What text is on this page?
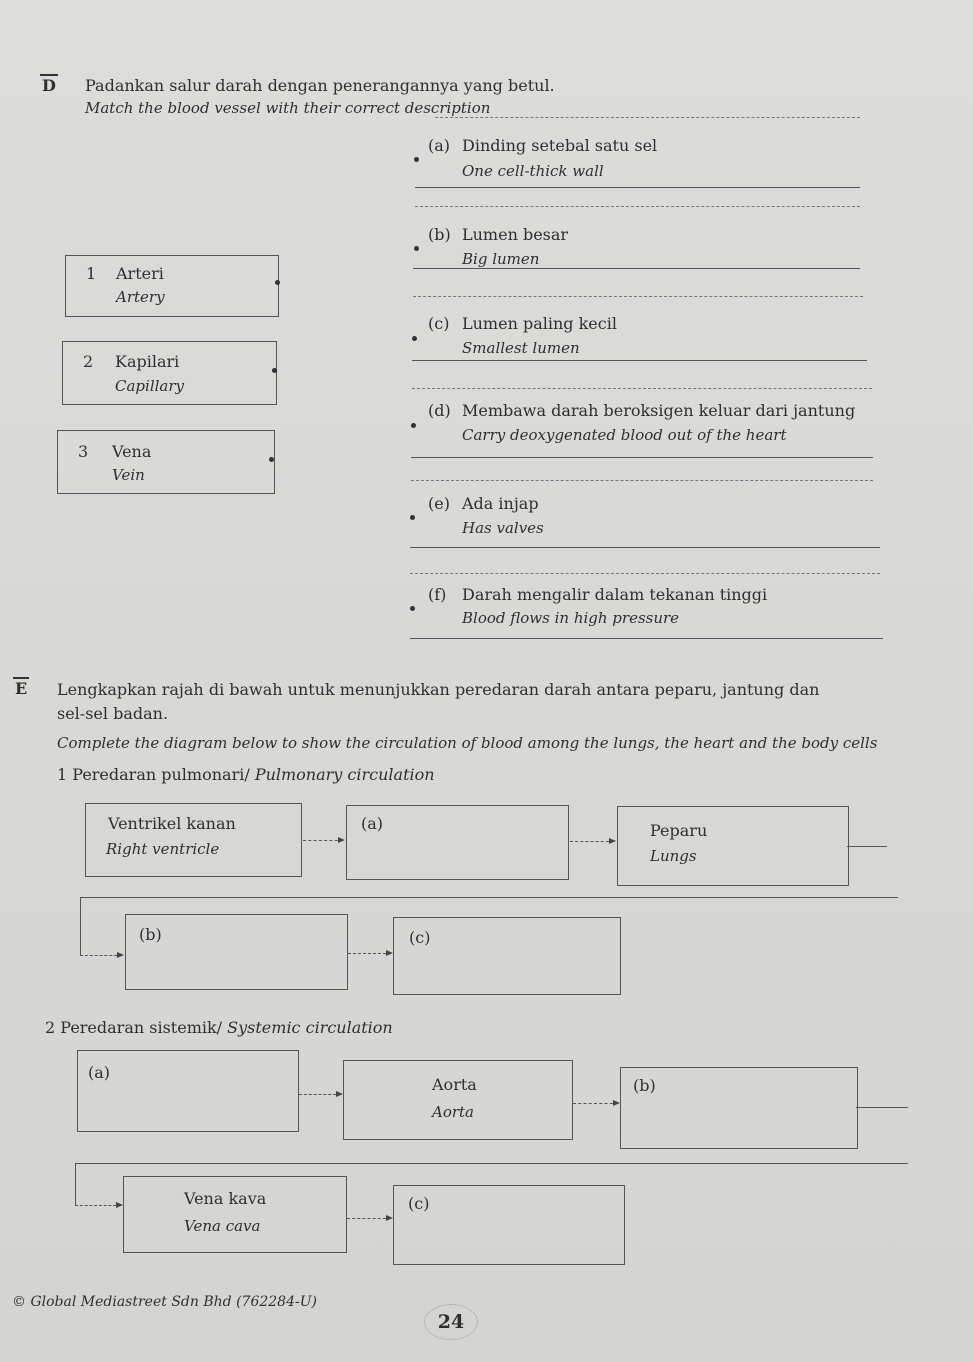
D Padankan salur darah dengan penerangannya yang betul.
Match the blood vessel with their correct description
1 Arteri
Artery
2 Kapilari
Capillary
3 Vena
Vein
(a) Dinding setebal satu sel
One cell-thick wall
(b) Lumen besar
Big lumen
(c) Lumen paling kecil
Smallest lumen
(d) Membawa darah beroksigen keluar dari jantung
Carry deoxygenated blood out of the heart
(e) Ada injap
Has valves
(f) Darah mengalir dalam tekanan tinggi
Blood flows in high pressure
E Lengkapkan rajah di bawah untuk menunjukkan peredaran darah antara peparu, jantung dan
sel-sel badan.
Complete the diagram below to show the circulation of blood among the lungs, the heart and the body cells
1 Peredaran pulmonari/ Pulmonary circulation
Ventrikel kanan
Right ventricle
(a)	Peparu
Lungs
(b)	(c)
2 Peredaran sistemik/ Systemic circulation
(a)
Aorta
Aorta
(b)
Vena kava
Vena cava
(c)
© Global Mediastreet Sdn Bhd (762284-U)
24
